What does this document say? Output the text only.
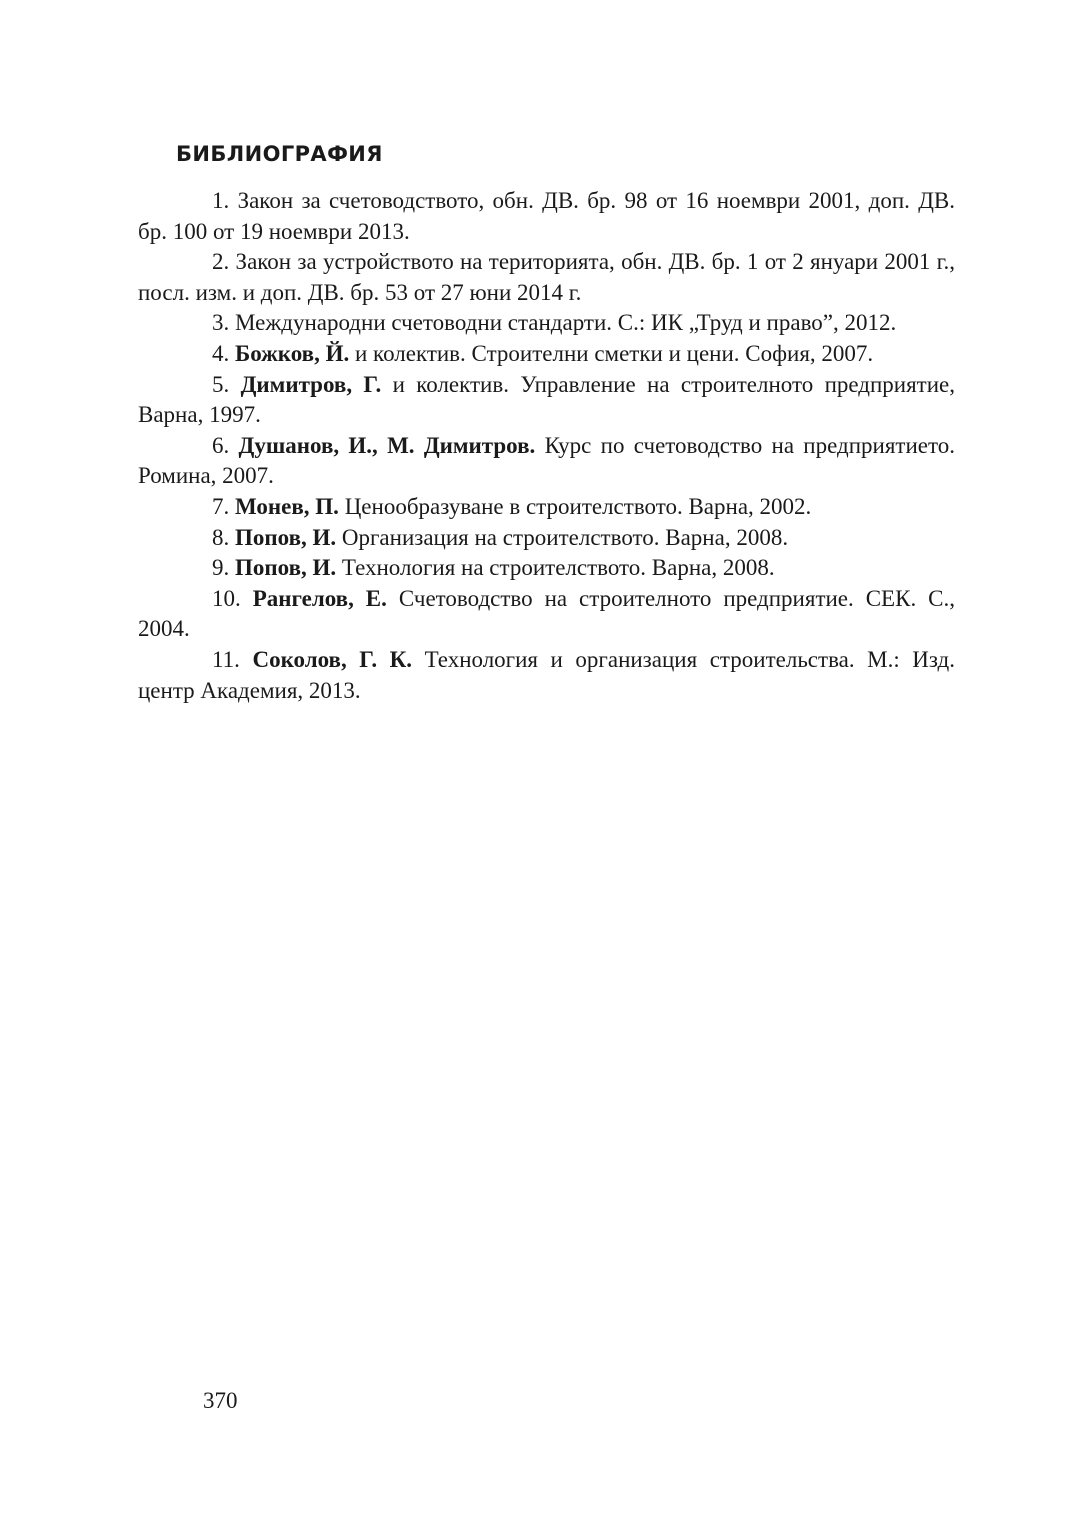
БИБЛИОГРАФИЯ
1. Закон за счетоводството, обн. ДВ. бр. 98 от 16 ноември 2001, доп. ДВ. бр. 100 от 19 ноември 2013.
2. Закон за устройството на територията, обн. ДВ. бр. 1 от 2 януари 2001 г., посл. изм. и доп. ДВ. бр. 53 от 27 юни 2014 г.
3. Международни счетоводни стандарти. С.: ИК „Труд и право”, 2012.
4. Божков, Й. и колектив. Строителни сметки и цени. София, 2007.
5. Димитров, Г. и колектив. Управление на строителното предприятие, Варна, 1997.
6. Душанов, И., М. Димитров. Курс по счетоводство на предприятието. Ромина, 2007.
7. Монев, П. Ценообразуване в строителството. Варна, 2002.
8. Попов, И. Организация на строителството. Варна, 2008.
9. Попов, И. Технология на строителството. Варна, 2008.
10. Рангелов, Е. Счетоводство на строителното предприятие. СЕК. С., 2004.
11. Соколов, Г. К. Технология и организация строительства. М.: Изд. центр Академия, 2013.

370
